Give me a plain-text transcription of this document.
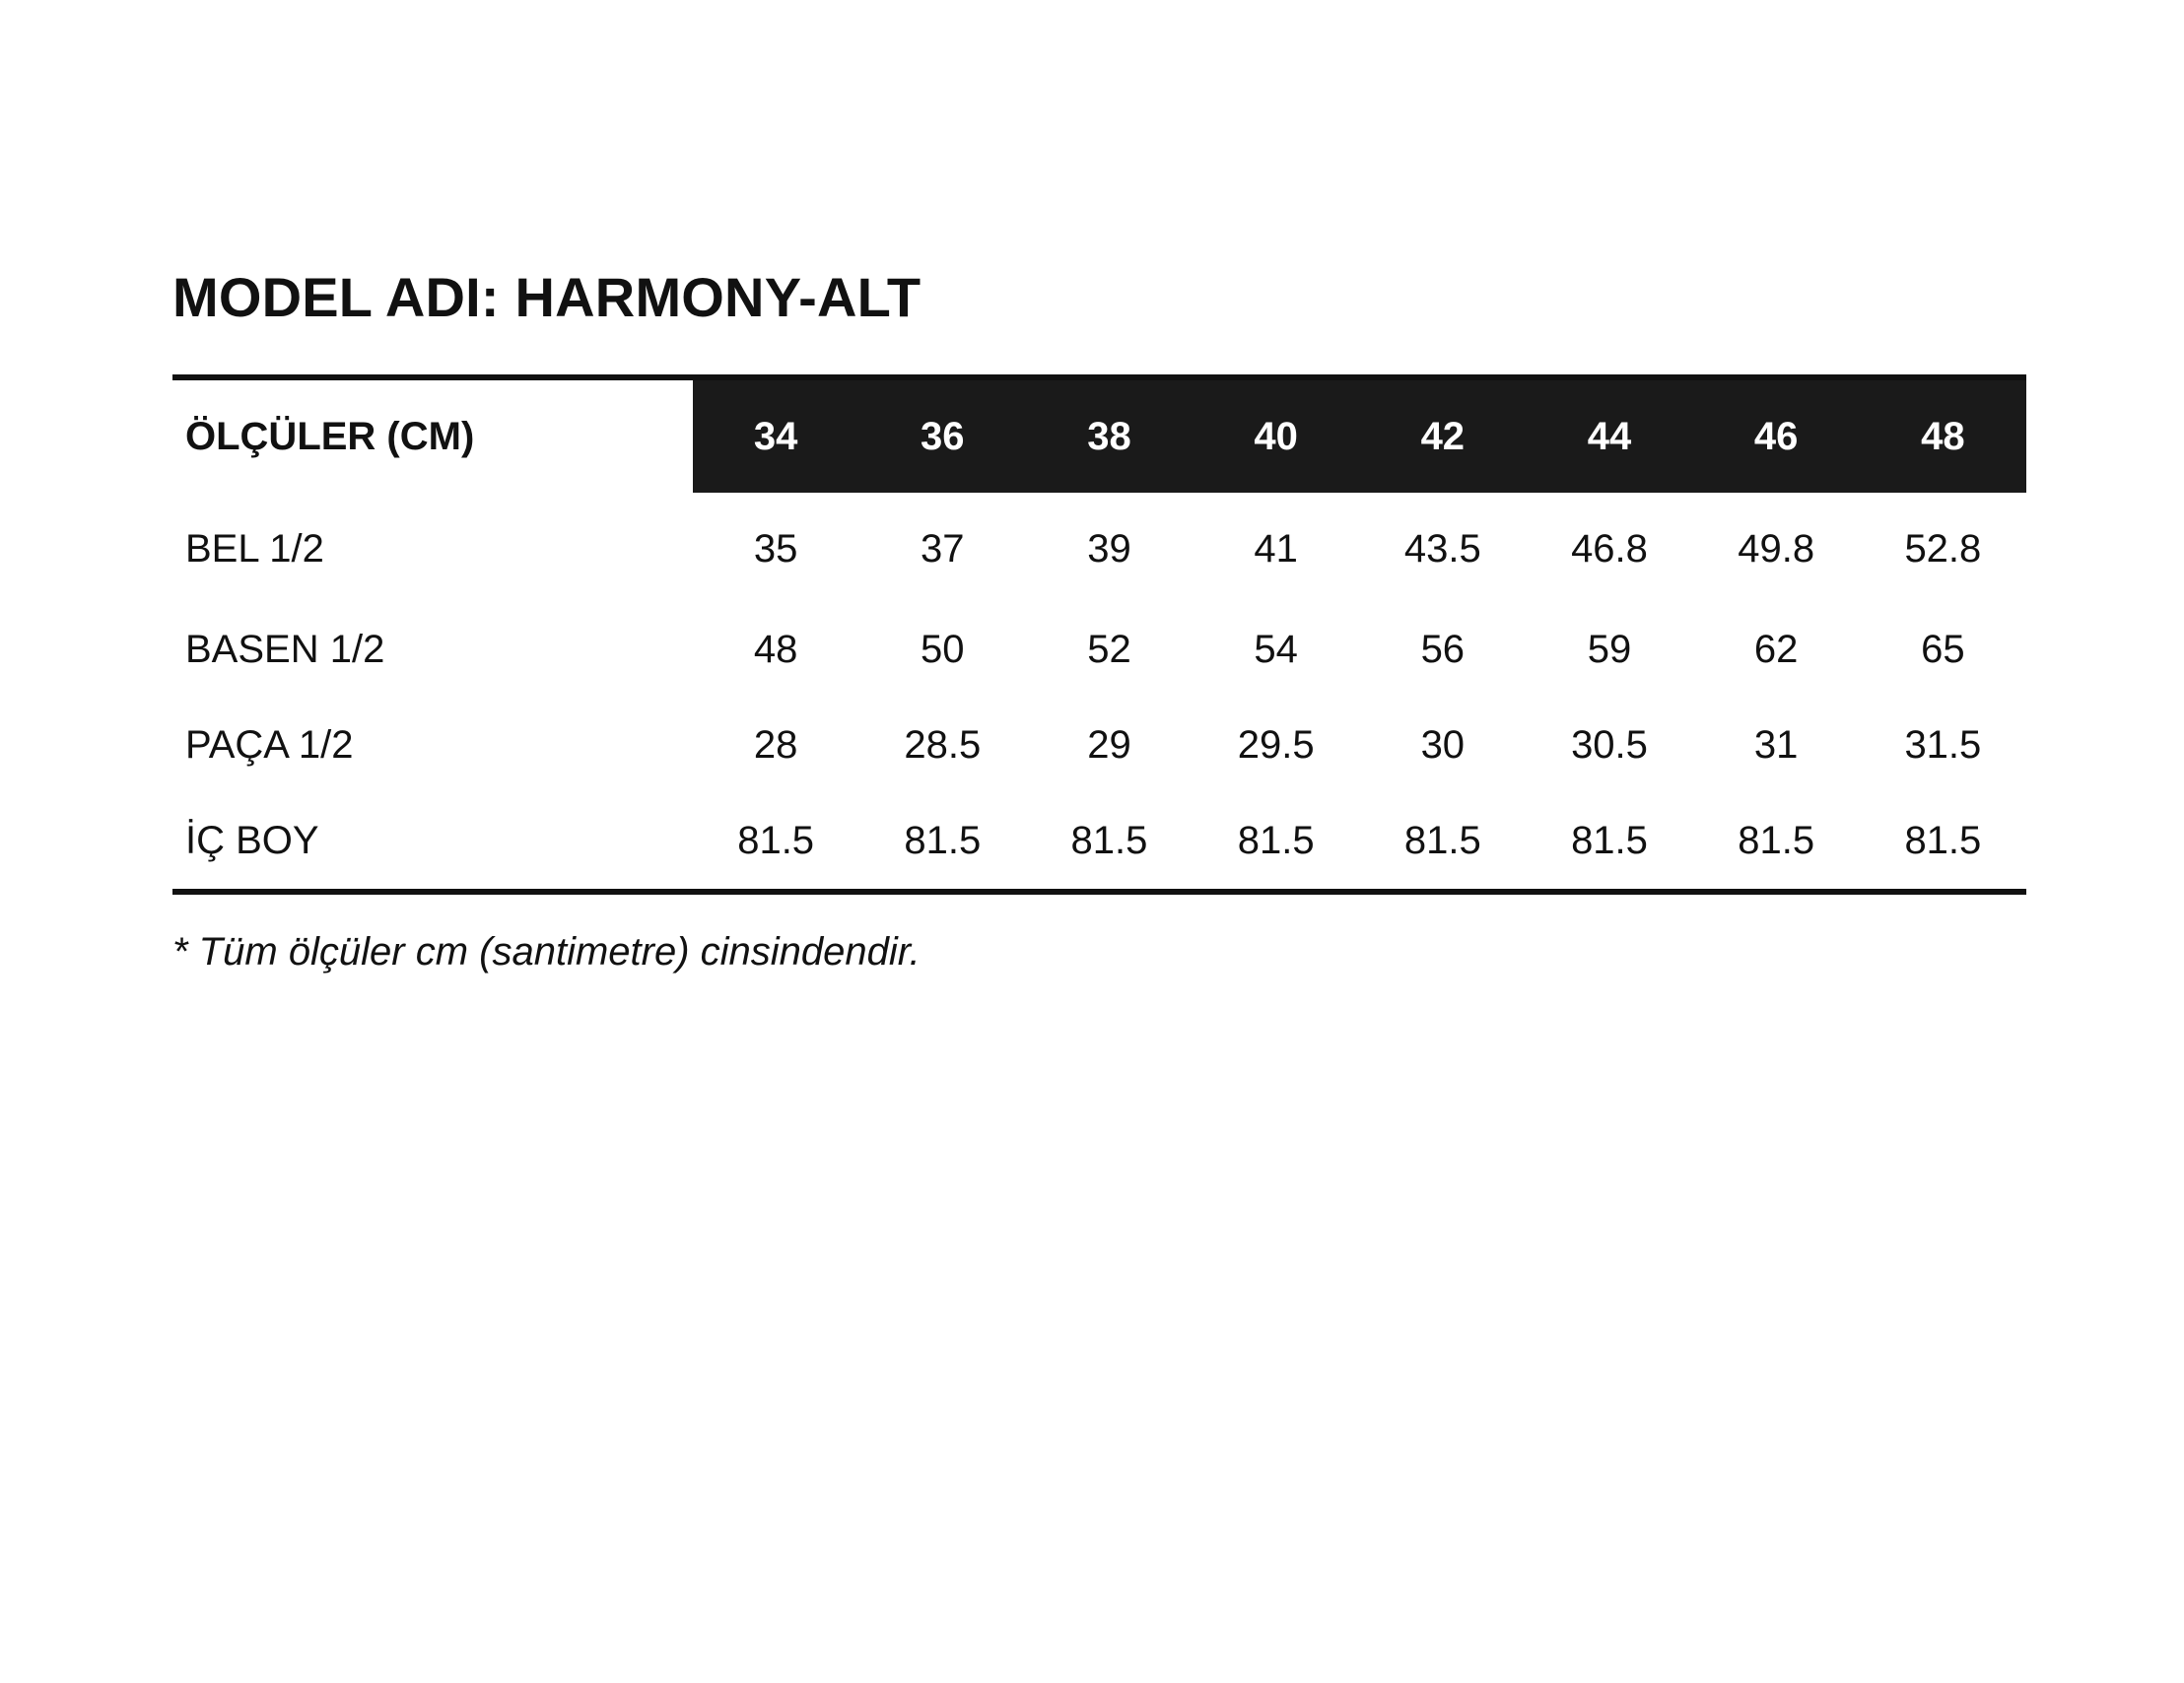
MODEL ADI: HARMONY-ALT
ÖLÇÜLER (CM)	34	36	38	40	42	44	46	48
BEL 1/2	35	37	39	41	43.5	46.8	49.8	52.8
BASEN 1/2	48	50	52	54	56	59	62	65
PAÇA 1/2	28	28.5	29	29.5	30	30.5	31	31.5
İÇ BOY	81.5	81.5	81.5	81.5	81.5	81.5	81.5	81.5

* Tüm ölçüler cm (santimetre) cinsindendir.
